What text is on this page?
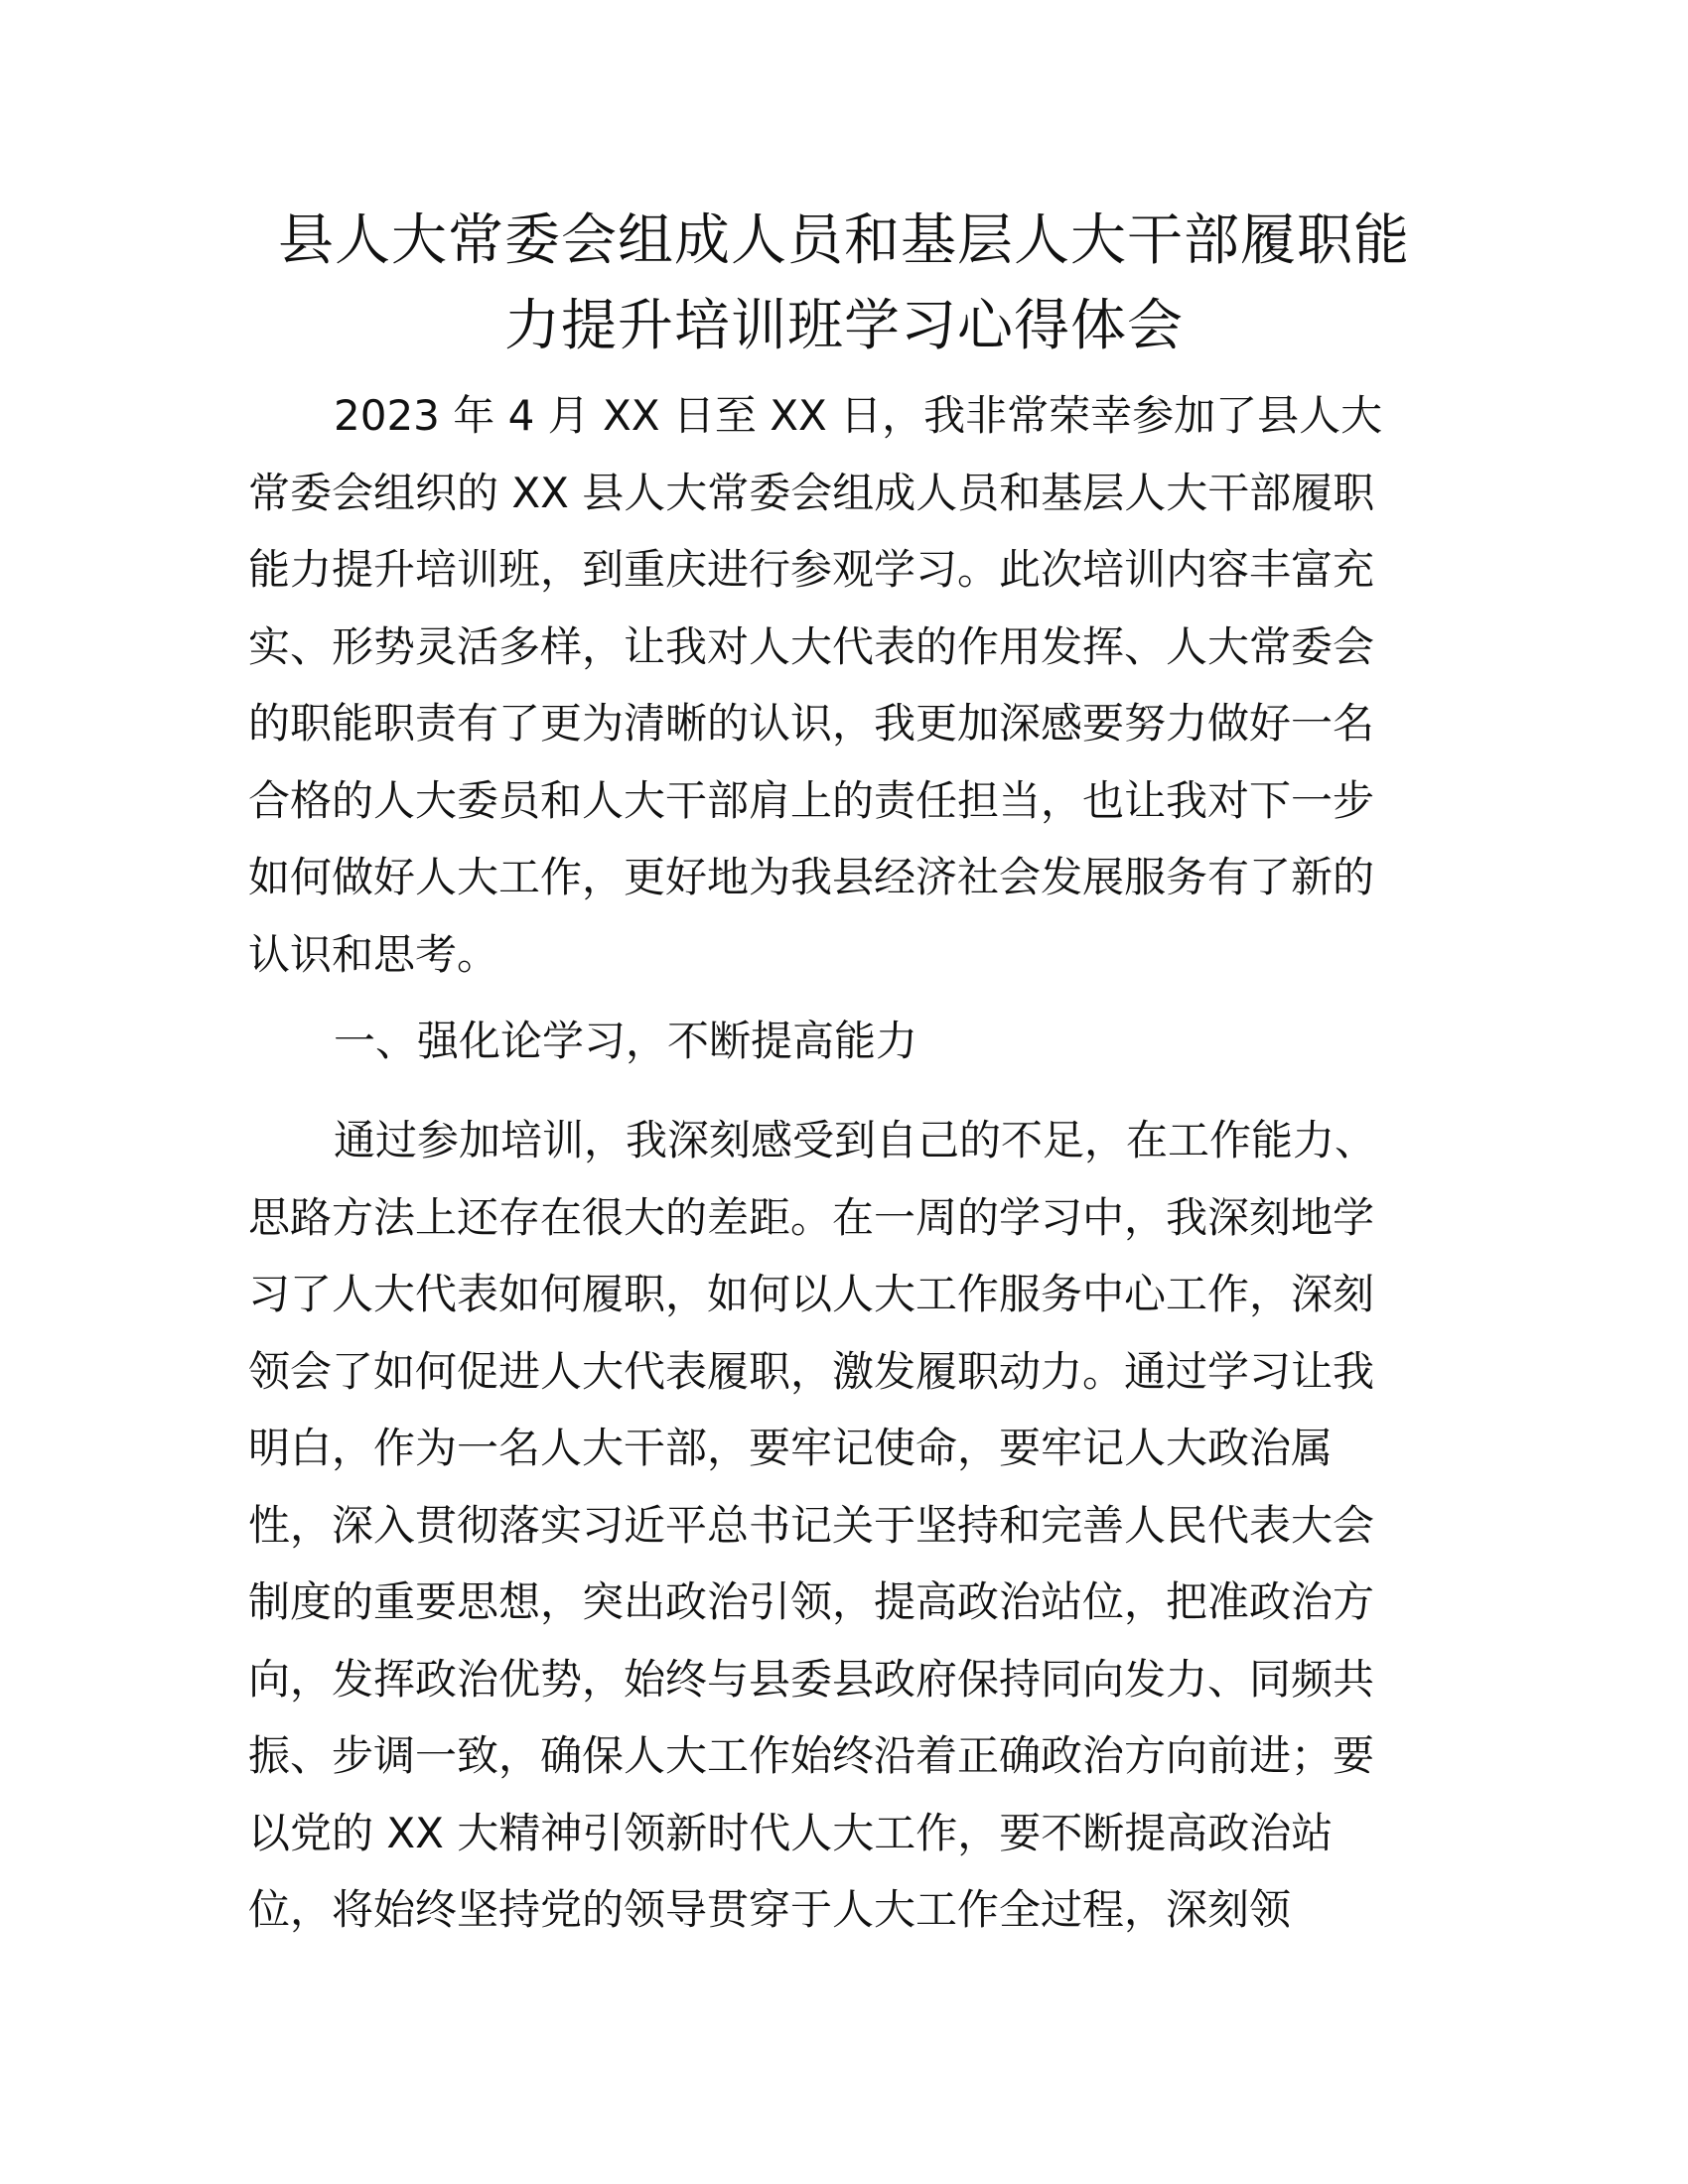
县人大常委会组成人员和基层人大干部履职能
力提升培训班学习心得体会
2023 年 4 月 XX 日至 XX 日，我非常荣幸参加了县人大
常委会组织的 XX 县人大常委会组成人员和基层人大干部履职
能力提升培训班，到重庆进行参观学习。此次培训内容丰富充
实、形势灵活多样，让我对人大代表的作用发挥、人大常委会
的职能职责有了更为清晰的认识，我更加深感要努力做好一名
合格的人大委员和人大干部肩上的责任担当，也让我对下一步
如何做好人大工作，更好地为我县经济社会发展服务有了新的
认识和思考。
一、强化论学习，不断提高能力
通过参加培训，我深刻感受到自己的不足，在工作能力、
思路方法上还存在很大的差距。在一周的学习中，我深刻地学
习了人大代表如何履职，如何以人大工作服务中心工作，深刻
领会了如何促进人大代表履职，激发履职动力。通过学习让我
明白，作为一名人大干部，要牢记使命，要牢记人大政治属
性，深入贯彻落实习近平总书记关于坚持和完善人民代表大会
制度的重要思想，突出政治引领，提高政治站位，把准政治方
向，发挥政治优势，始终与县委县政府保持同向发力、同频共
振、步调一致，确保人大工作始终沿着正确政治方向前进；要
以党的 XX 大精神引领新时代人大工作，要不断提高政治站
位，将始终坚持党的领导贯穿于人大工作全过程，深刻领
